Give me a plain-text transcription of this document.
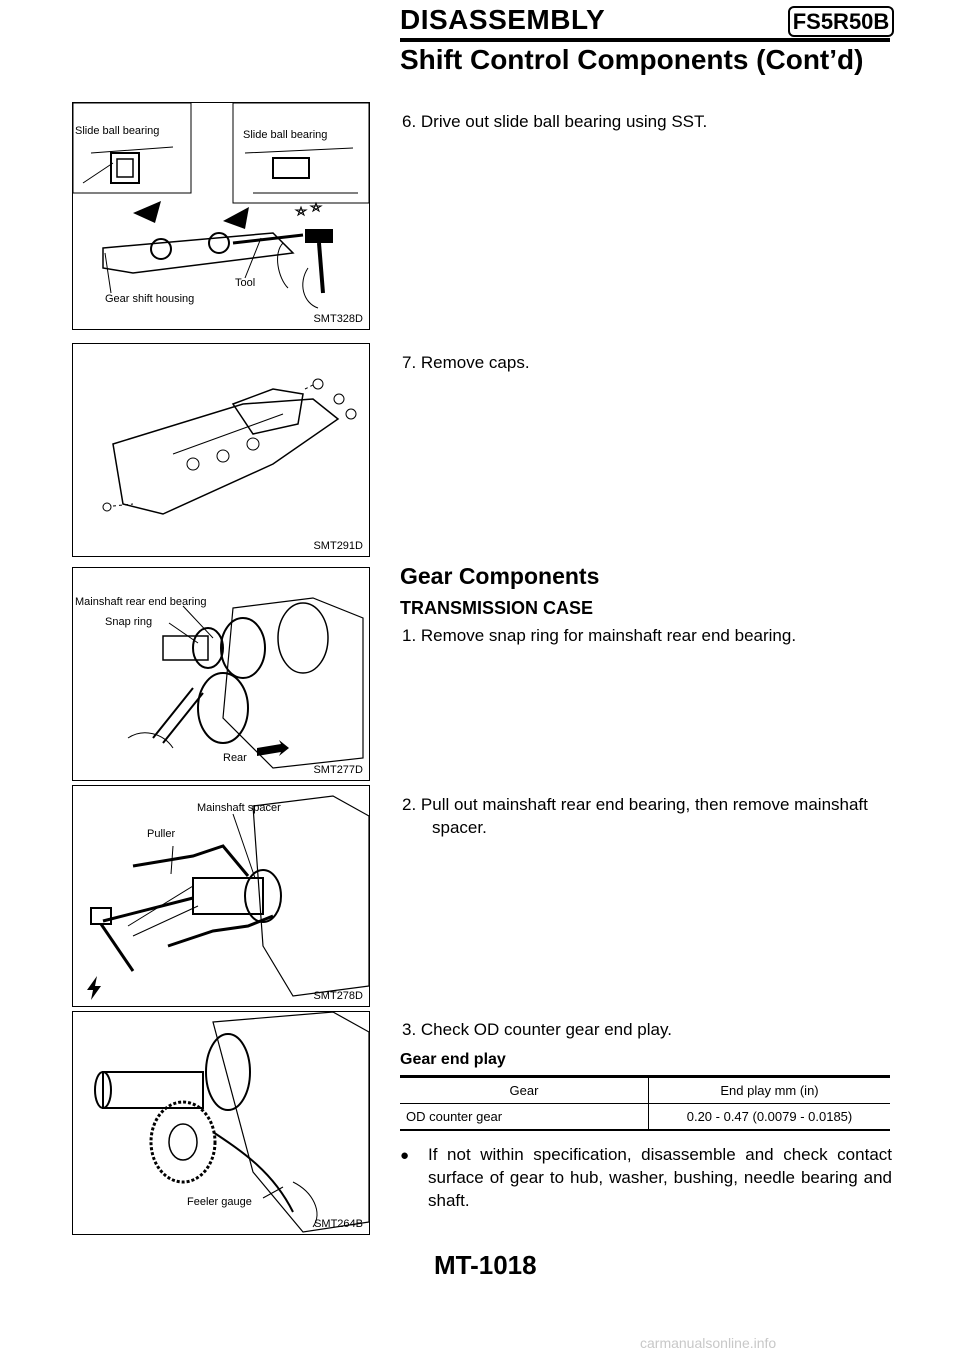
DISASSEMBLY	FS5R50B
Shift Control Components (Cont’d)
Slide ball bearing	Slide ball bearing
Tool
Gear shift housing
SMT328D
6. Drive out slide ball bearing using SST.
SMT291D
7. Remove caps.
Gear Components
TRANSMISSION CASE
Mainshaft rear end bearing
Snap ring
Rear
SMT277D
1. Remove snap ring for mainshaft rear end bearing.
Mainshaft spacer
Puller
SMT278D
2. Pull out mainshaft rear end bearing, then remove mainshaft
spacer.
Feeler gauge
SMT264B
3. Check OD counter gear end play.
Gear end play
Gear	End play mm (in)
OD counter gear	0.20 - 0.47 (0.0079 - 0.0185)
●	If not within specification, disassemble and check contact surface of gear to hub, washer, bushing, needle bearing and shaft.
MT-1018
carmanualsonline.info
